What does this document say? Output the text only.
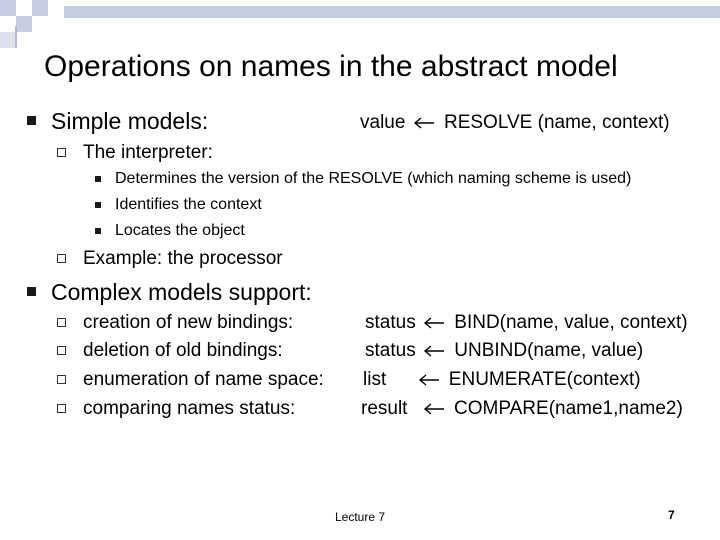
Operations on names in the abstract model
Simple models:	value RESOLVE (name, context)
The interpreter:
Determines the version of the RESOLVE (which naming scheme is used)
Identifies the context
Locates the object
Example: the processor
Complex models support:
creation of new bindings:	status BIND(name, value, context)
deletion of old bindings:	status UNBIND(name, value)
enumeration of name space: list	ENUMERATE(context)
comparing names status:	result COMPARE(name1,name2)
Lecture 7	7
